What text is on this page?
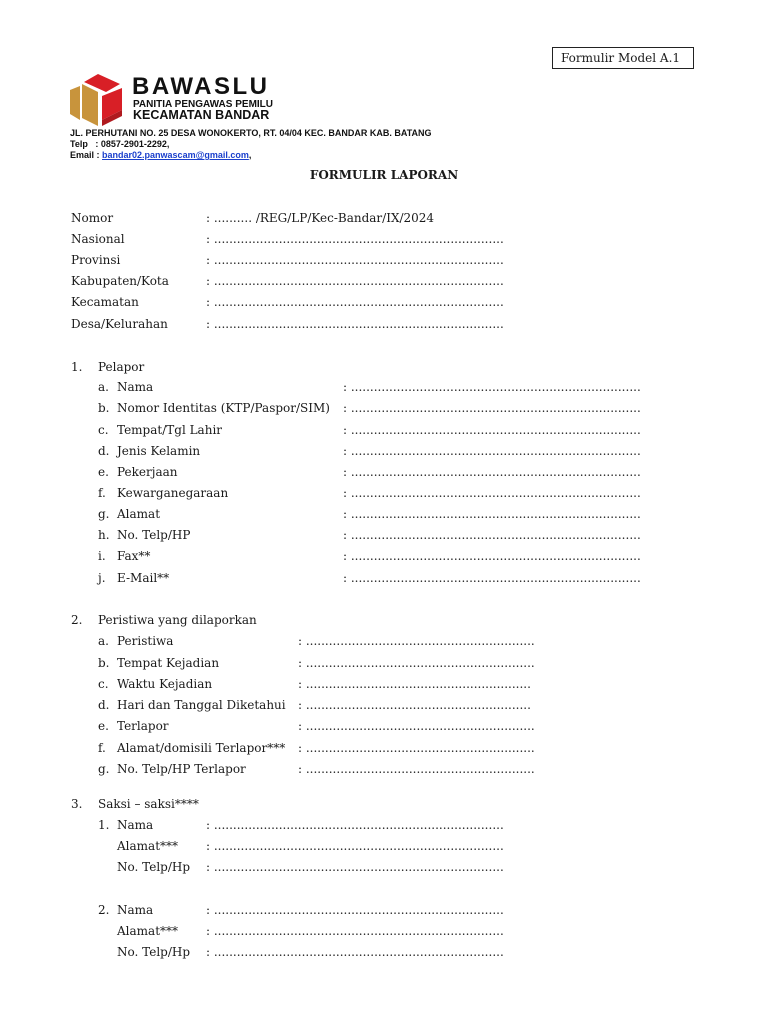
Formulir Model A.1
BAWASLU
PANITIA PENGAWAS PEMILU
KECAMATAN BANDAR
JL. PERHUTANI NO. 25 DESA WONOKERTO, RT. 04/04 KEC. BANDAR KAB. BATANG
Telp : 0857-2901-2292,
Email : bandar02.panwascam@gmail.com,
FORMULIR LAPORAN
Nomor	: .......... /REG/LP/Kec-Bandar/IX/2024
Nasional	: ............................................................................
Provinsi	: ............................................................................
Kabupaten/Kota	: ............................................................................
Kecamatan	: ............................................................................
Desa/Kelurahan	: ............................................................................
1. Pelapor
a. Nama	: ............................................................................
b. Nomor Identitas (KTP/Paspor/SIM) : ............................................................................
c. Tempat/Tgl Lahir	: ............................................................................
d. Jenis Kelamin	: ............................................................................
e. Pekerjaan	: ............................................................................
f. Kewarganegaraan	: ............................................................................
g. Alamat	: ............................................................................
h. No. Telp/HP	: ............................................................................
i. Fax**	: ............................................................................
j. E-Mail**	: ............................................................................
2. Peristiwa yang dilaporkan
a. Peristiwa	: ............................................................
b. Tempat Kejadian	: ............................................................
c. Waktu Kejadian	: ...........................................................
d. Hari dan Tanggal Diketahui : ...........................................................
e. Terlapor	: ............................................................
f. Alamat/domisili Terlapor*** : ............................................................
g. No. Telp/HP Terlapor	: ............................................................
3. Saksi – saksi****
1. Nama	: ............................................................................
Alamat*** : ............................................................................
No. Telp/Hp : ............................................................................
2. Nama	: ............................................................................
Alamat*** : ............................................................................
No. Telp/Hp : ............................................................................
